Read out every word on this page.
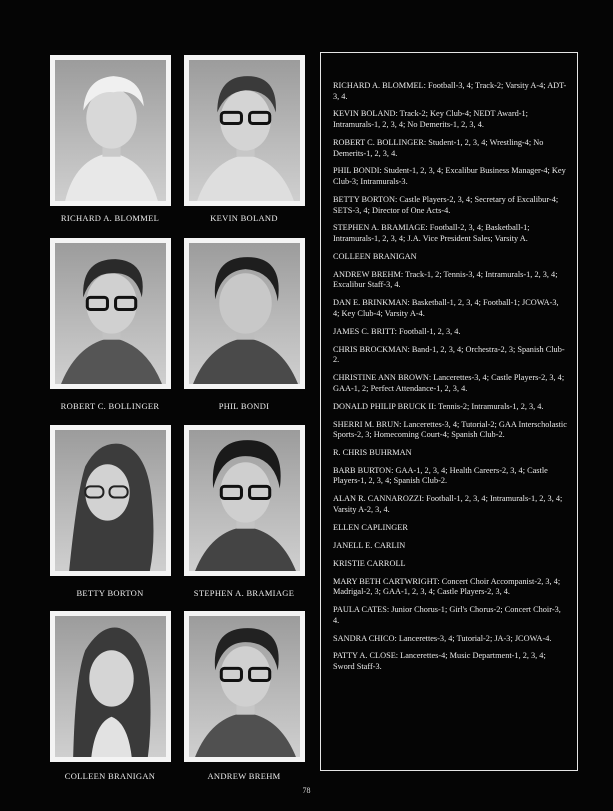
RICHARD A. BLOMMEL	KEVIN BOLAND
ROBERT C. BOLLINGER	PHIL BONDI
BETTY BORTON	STEPHEN A. BRAMIAGE
COLLEEN BRANIGAN	ANDREW BREHM

RICHARD A. BLOMMEL: Football-3, 4; Track-2; Varsity A-4; ADT-3, 4.

KEVIN BOLAND: Track-2; Key Club-4; NEDT Award-1; Intramurals-1, 2, 3, 4; No Demerits-1, 2, 3, 4.

ROBERT C. BOLLINGER: Student-1, 2, 3, 4; Wrestling-4; No Demerits-1, 2, 3, 4.

PHIL BONDI: Student-1, 2, 3, 4; Excalibur Business Manager-4; Key Club-3; Intramurals-3.

BETTY BORTON: Castle Players-2, 3, 4; Secretary of Excalibur-4; SETS-3, 4; Director of One Acts-4.

STEPHEN A. BRAMIAGE: Football-2, 3, 4; Basketball-1; Intramurals-1, 2, 3, 4; J.A. Vice President Sales; Varsity A.

COLLEEN BRANIGAN

ANDREW BREHM: Track-1, 2; Tennis-3, 4; Intramurals-1, 2, 3, 4; Excalibur Staff-3, 4.

DAN E. BRINKMAN: Basketball-1, 2, 3, 4; Football-1; JCOWA-3, 4; Key Club-4; Varsity A-4.

JAMES C. BRITT: Football-1, 2, 3, 4.

CHRIS BROCKMAN: Band-1, 2, 3, 4; Orchestra-2, 3; Spanish Club-2.

CHRISTINE ANN BROWN: Lancerettes-3, 4; Castle Players-2, 3, 4; GAA-1, 2; Perfect Attendance-1, 2, 3, 4.

DONALD PHILIP BRUCK II: Tennis-2; Intramurals-1, 2, 3, 4.

SHERRI M. BRUN: Lancerettes-3, 4; Tutorial-2; GAA Interscholastic Sports-2, 3; Homecoming Court-4; Spanish Club-2.

R. CHRIS BUHRMAN

BARB BURTON: GAA-1, 2, 3, 4; Health Careers-2, 3, 4; Castle Players-1, 2, 3, 4; Spanish Club-2.

ALAN R. CANNAROZZI: Football-1, 2, 3, 4; Intramurals-1, 2, 3, 4; Varsity A-2, 3, 4.

ELLEN CAPLINGER

JANELL E. CARLIN

KRISTIE CARROLL

MARY BETH CARTWRIGHT: Concert Choir Accompanist-2, 3, 4; Madrigal-2, 3; GAA-1, 2, 3, 4; Castle Players-2, 3, 4.

PAULA CATES: Junior Chorus-1; Girl's Chorus-2; Concert Choir-3, 4.

SANDRA CHICO: Lancerettes-3, 4; Tutorial-2; JA-3; JCOWA-4.

PATTY A. CLOSE: Lancerettes-4; Music Department-1, 2, 3, 4; Sword Staff-3.

78
